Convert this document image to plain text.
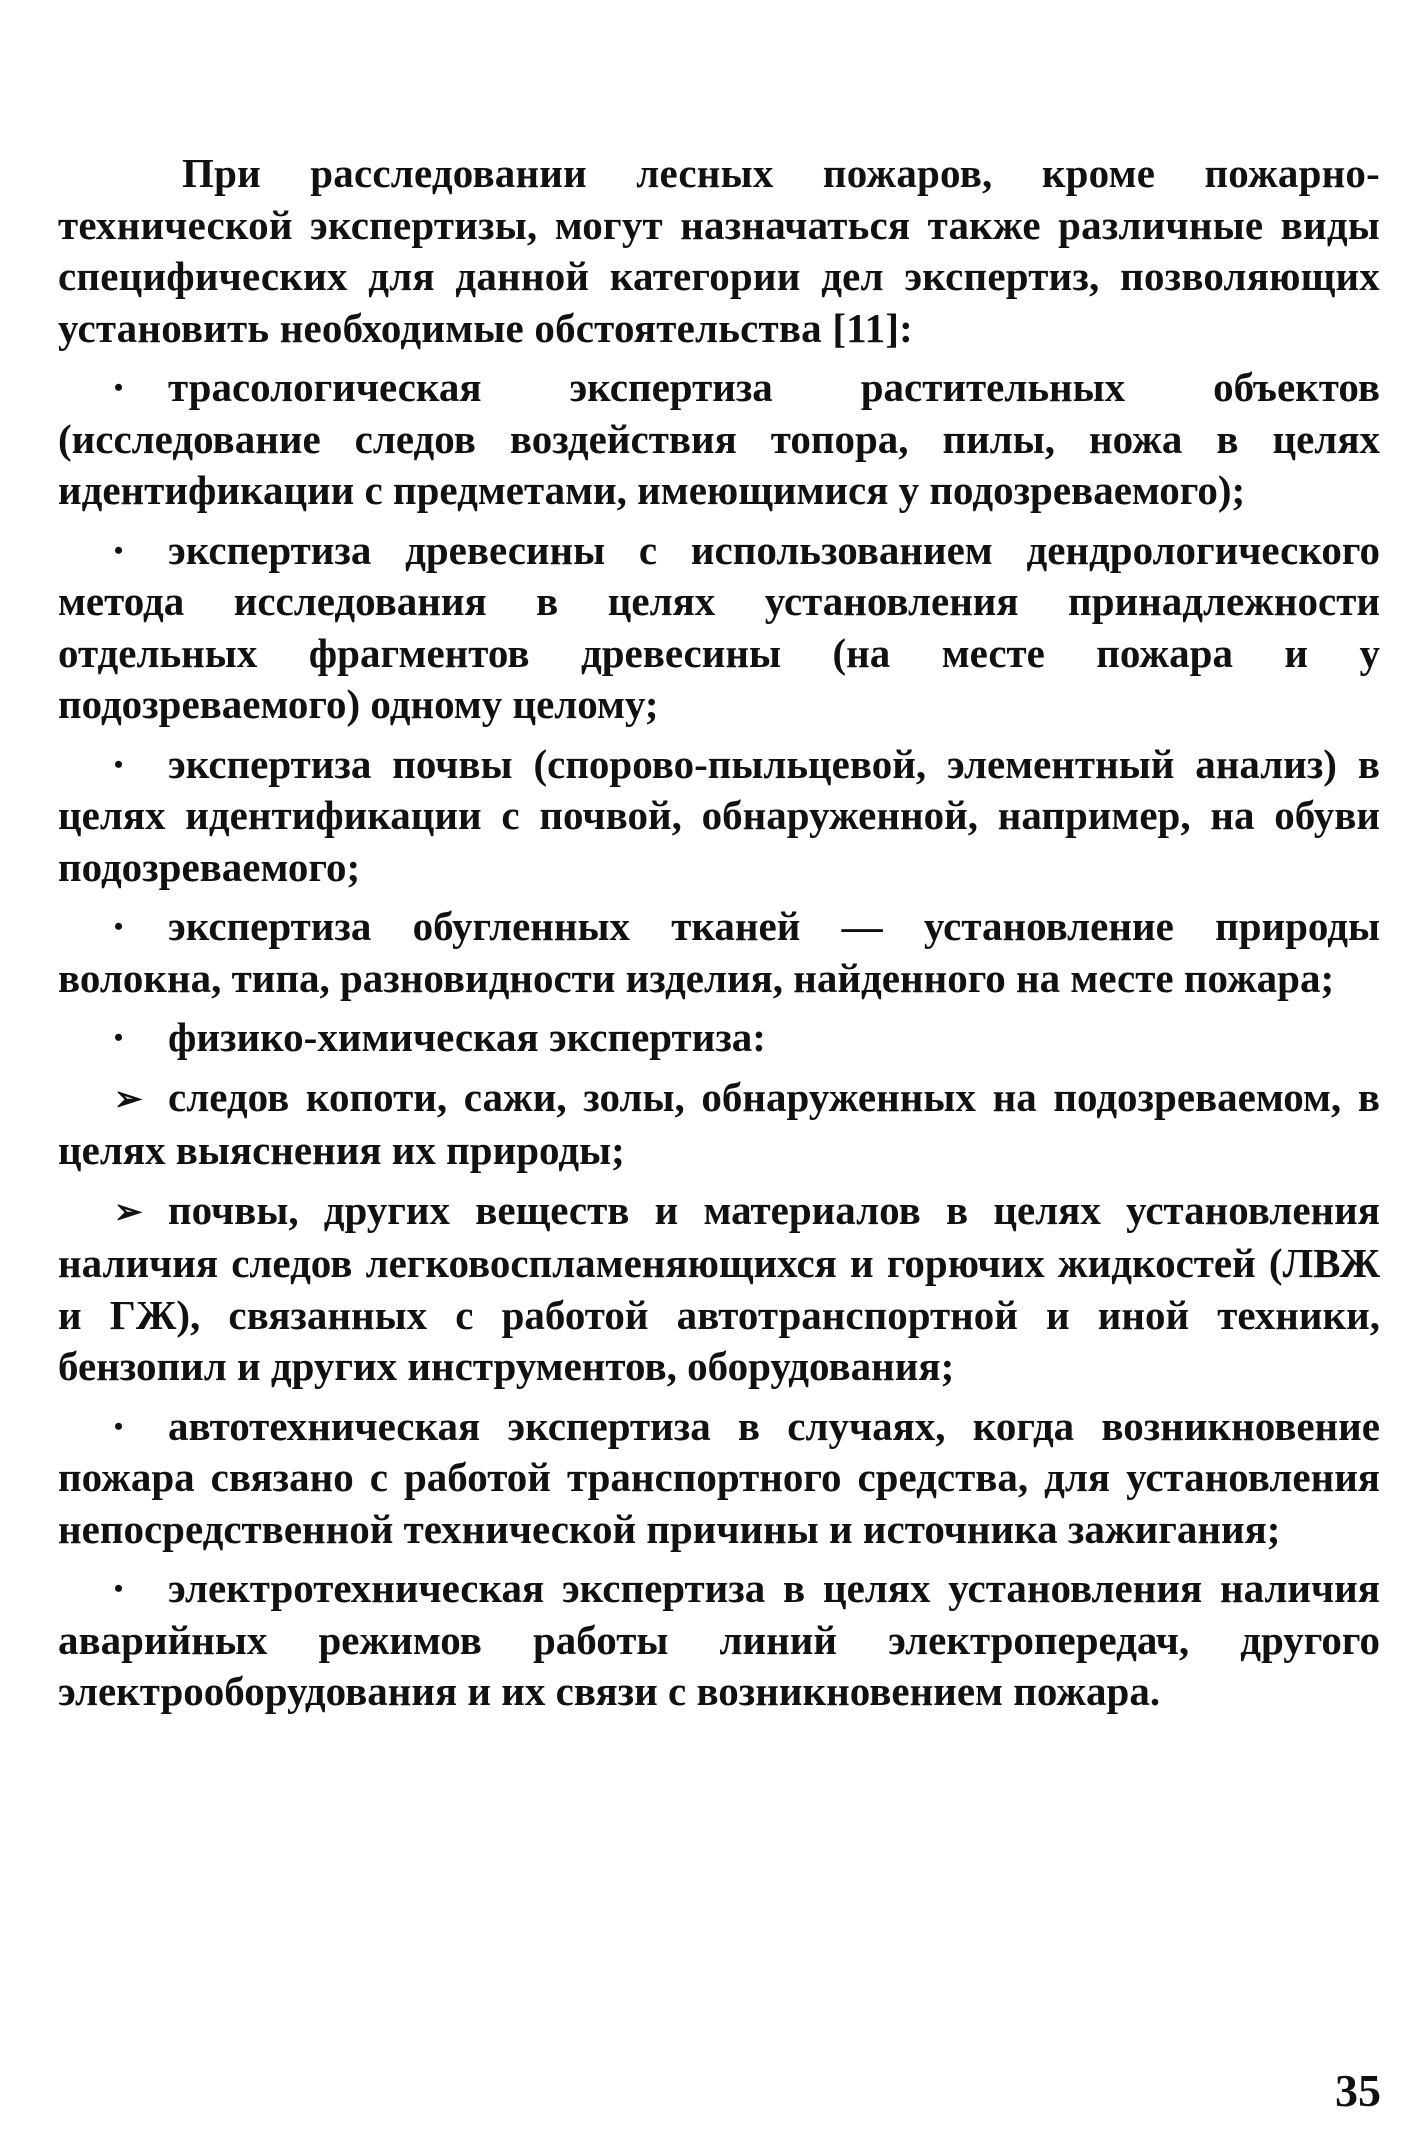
При расследовании лесных пожаров, кроме пожарно-технической экспертизы, могут назначаться также различные виды специфических для данной категории дел экспертиз, позволяющих установить необходимые обстоятельства [11]:

• трасологическая экспертиза растительных объектов (исследование следов воздействия топора, пилы, ножа в целях идентификации с предметами, имеющимися у подозреваемого);

• экспертиза древесины с использованием дендрологического метода исследования в целях установления принадлежности отдельных фрагментов древесины (на месте пожара и у подозреваемого) одному целому;

• экспертиза почвы (спорово-пыльцевой, элементный анализ) в целях идентификации с почвой, обнаруженной, например, на обуви подозреваемого;

• экспертиза обугленных тканей — установление природы волокна, типа, разновидности изделия, найденного на месте пожара;

• физико-химическая экспертиза:

➢ следов копоти, сажи, золы, обнаруженных на подозреваемом, в целях выяснения их природы;

➢ почвы, других веществ и материалов в целях установления наличия следов легковоспламеняющихся и горючих жидкостей (ЛВЖ и ГЖ), связанных с работой автотранспортной и иной техники, бензопил и других инструментов, оборудования;

• автотехническая экспертиза в случаях, когда возникновение пожара связано с работой транспортного средства, для установления непосредственной технической причины и источника зажигания;

• электротехническая экспертиза в целях установления наличия аварийных режимов работы линий электропередач, другого электрооборудования и их связи с возникновением пожара.

35
